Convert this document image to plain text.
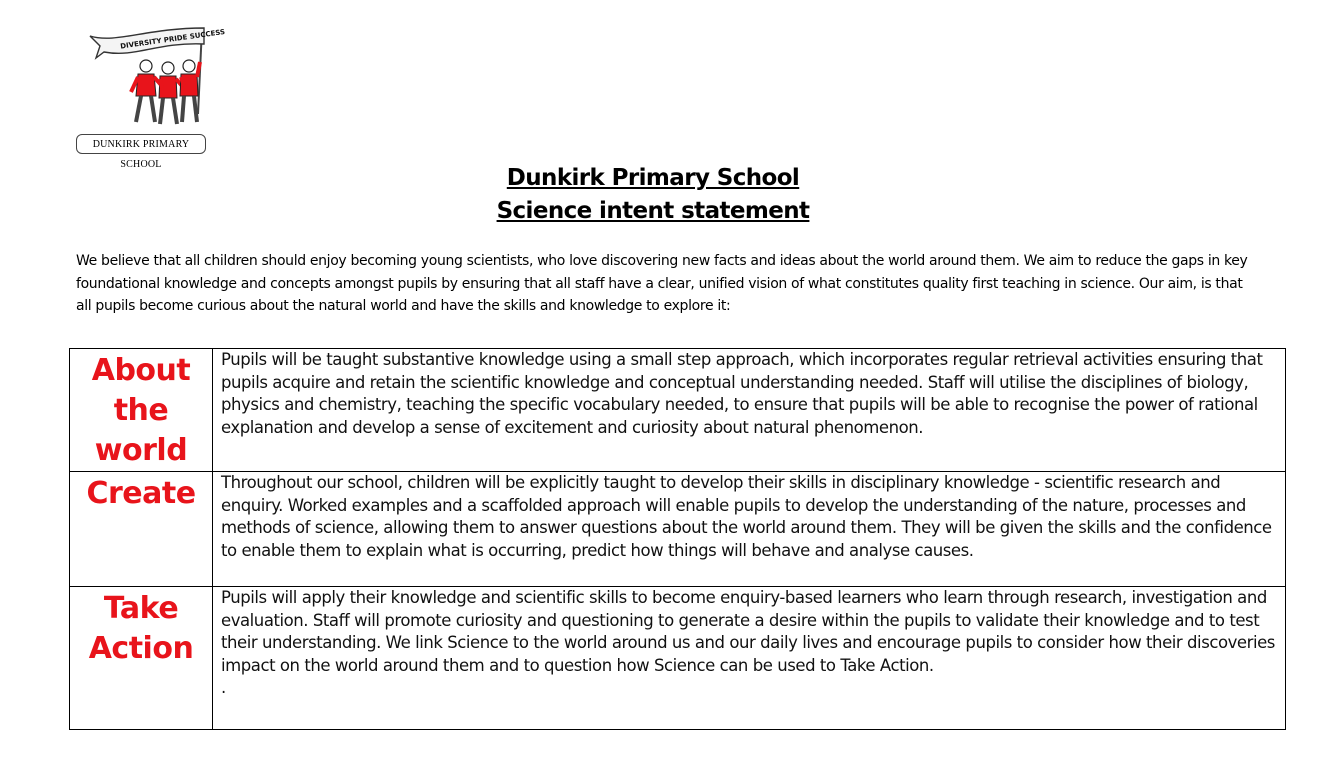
DIVERSITY PRIDE SUCCESS
DUNKIRK PRIMARY SCHOOL
Dunkirk Primary School
Science intent statement
We believe that all children should enjoy becoming young scientists, who love discovering new facts and ideas about the world around them. We aim to reduce the gaps in key foundational knowledge and concepts amongst pupils by ensuring that all staff have a clear, unified vision of what constitutes quality first teaching in science. Our aim, is that all pupils become curious about the natural world and have the skills and knowledge to explore it:
About the world	Pupils will be taught substantive knowledge using a small step approach, which incorporates regular retrieval activities ensuring that pupils acquire and retain the scientific knowledge and conceptual understanding needed. Staff will utilise the disciplines of biology, physics and chemistry, teaching the specific vocabulary needed, to ensure that pupils will be able to recognise the power of rational explanation and develop a sense of excitement and curiosity about natural phenomenon.

Create	Throughout our school, children will be explicitly taught to develop their skills in disciplinary knowledge - scientific research and enquiry. Worked examples and a scaffolded approach will enable pupils to develop the understanding of the nature, processes and methods of science, allowing them to answer questions about the world around them. They will be given the skills and the confidence to enable them to explain what is occurring, predict how things will behave and analyse causes.

Take Action	Pupils will apply their knowledge and scientific skills to become enquiry-based learners who learn through research, investigation and evaluation. Staff will promote curiosity and questioning to generate a desire within the pupils to validate their knowledge and to test their understanding. We link Science to the world around us and our daily lives and encourage pupils to consider how their discoveries impact on the world around them and to question how Science can be used to Take Action.
.
